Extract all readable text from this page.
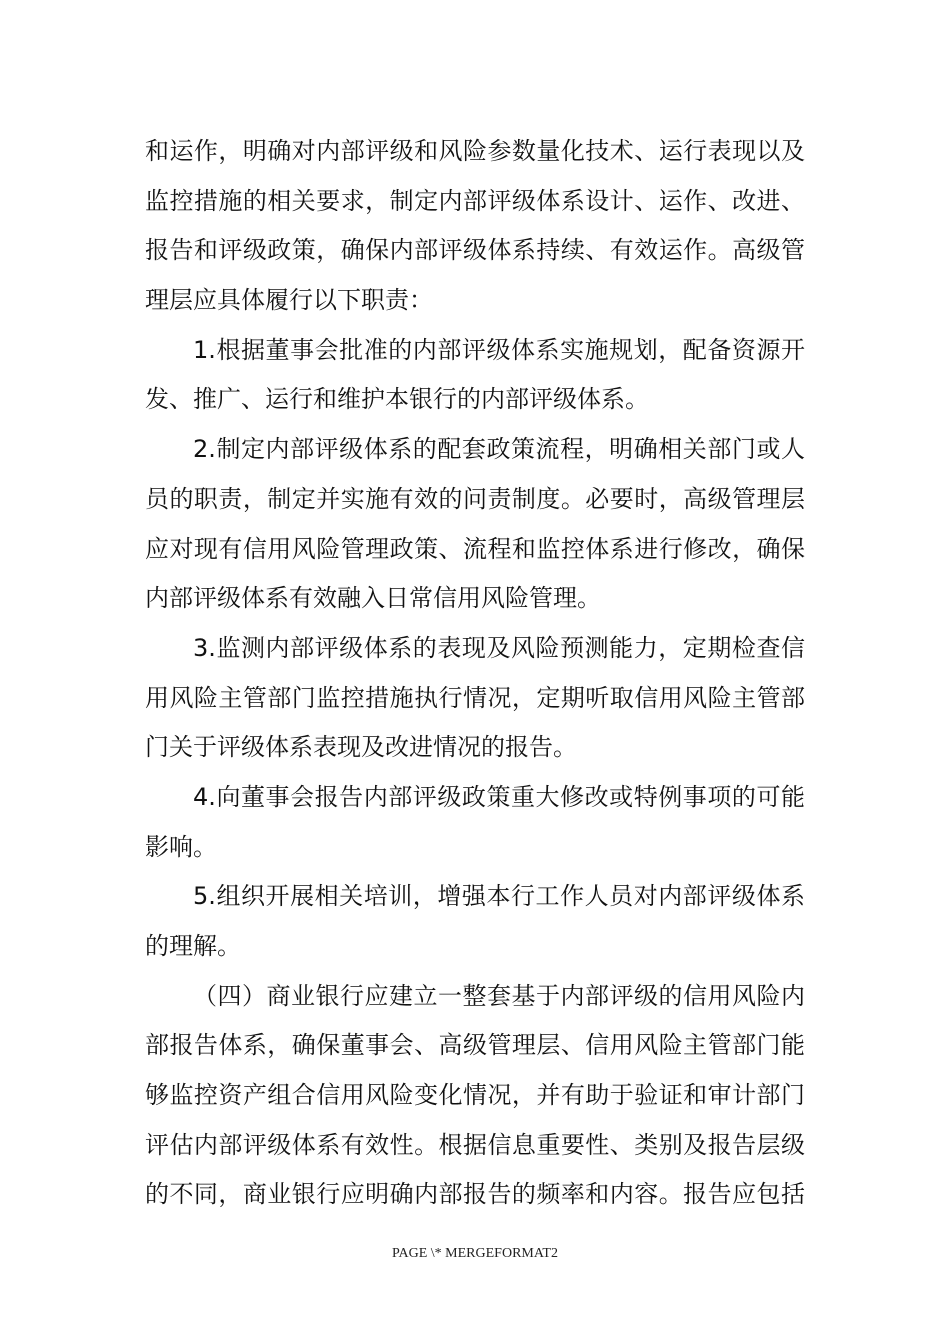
和运作，明确对内部评级和风险参数量化技术、运行表现以及
监控措施的相关要求，制定内部评级体系设计、运作、改进、
报告和评级政策，确保内部评级体系持续、有效运作。高级管
理层应具体履行以下职责：
1.根据董事会批准的内部评级体系实施规划，配备资源开
发、推广、运行和维护本银行的内部评级体系。
2.制定内部评级体系的配套政策流程，明确相关部门或人
员的职责，制定并实施有效的问责制度。必要时，高级管理层
应对现有信用风险管理政策、流程和监控体系进行修改，确保
内部评级体系有效融入日常信用风险管理。
3.监测内部评级体系的表现及风险预测能力，定期检查信
用风险主管部门监控措施执行情况，定期听取信用风险主管部
门关于评级体系表现及改进情况的报告。
4.向董事会报告内部评级政策重大修改或特例事项的可能
影响。
5.组织开展相关培训，增强本行工作人员对内部评级体系
的理解。
（四）商业银行应建立一整套基于内部评级的信用风险内
部报告体系，确保董事会、高级管理层、信用风险主管部门能
够监控资产组合信用风险变化情况，并有助于验证和审计部门
评估内部评级体系有效性。根据信息重要性、类别及报告层级
的不同，商业银行应明确内部报告的频率和内容。报告应包括
PAGE \* MERGEFORMAT2
